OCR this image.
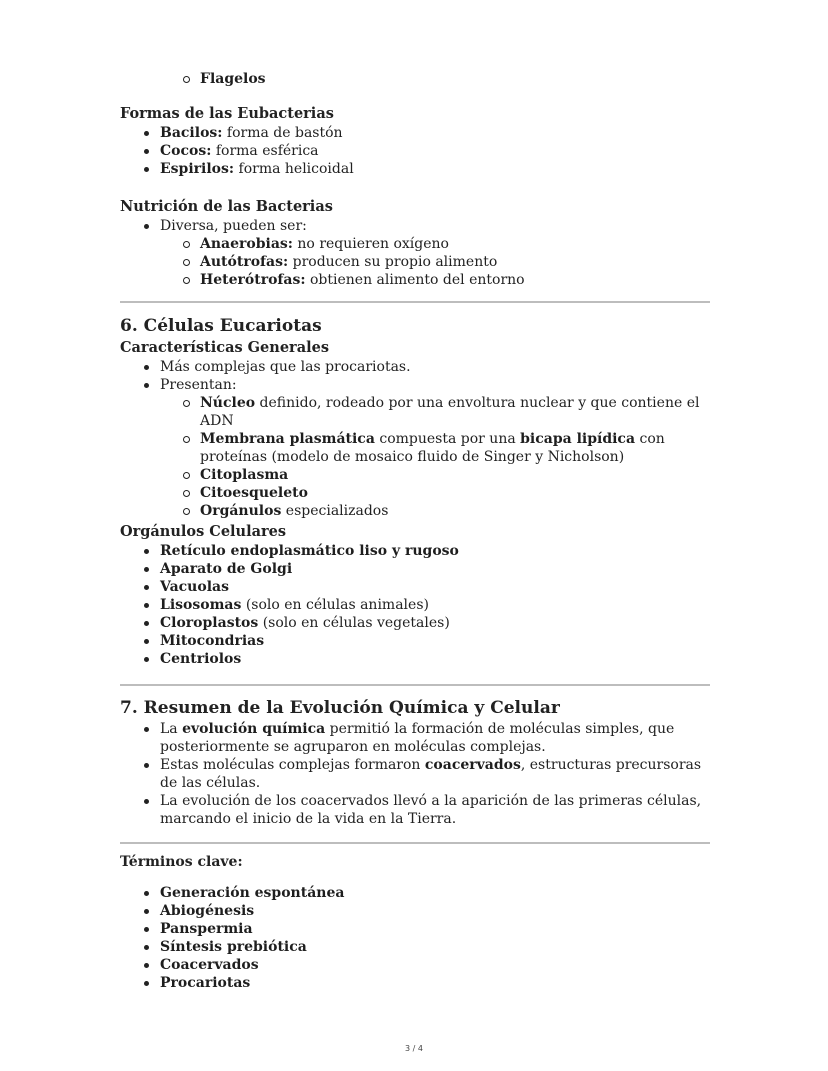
Flagelos
Formas de las Eubacterias
Bacilos: forma de bastón
Cocos: forma esférica
Espirilos: forma helicoidal
Nutrición de las Bacterias
Diversa, pueden ser:
Anaerobias: no requieren oxígeno
Autótrofas: producen su propio alimento
Heterótrofas: obtienen alimento del entorno
6. Células Eucariotas
Características Generales
Más complejas que las procariotas.
Presentan:
Núcleo definido, rodeado por una envoltura nuclear y que contiene el ADN
Membrana plasmática compuesta por una bicapa lipídica con proteínas (modelo de mosaico fluido de Singer y Nicholson)
Citoplasma
Citoesqueleto
Orgánulos especializados
Orgánulos Celulares
Retículo endoplasmático liso y rugoso
Aparato de Golgi
Vacuolas
Lisosomas (solo en células animales)
Cloroplastos (solo en células vegetales)
Mitocondrias
Centriolos
7. Resumen de la Evolución Química y Celular
La evolución química permitió la formación de moléculas simples, que posteriormente se agruparon en moléculas complejas.
Estas moléculas complejas formaron coacervados, estructuras precursoras de las células.
La evolución de los coacervados llevó a la aparición de las primeras células, marcando el inicio de la vida en la Tierra.
Términos clave:
Generación espontánea
Abiogénesis
Panspermia
Síntesis prebiótica
Coacervados
Procariotas
3 / 4
